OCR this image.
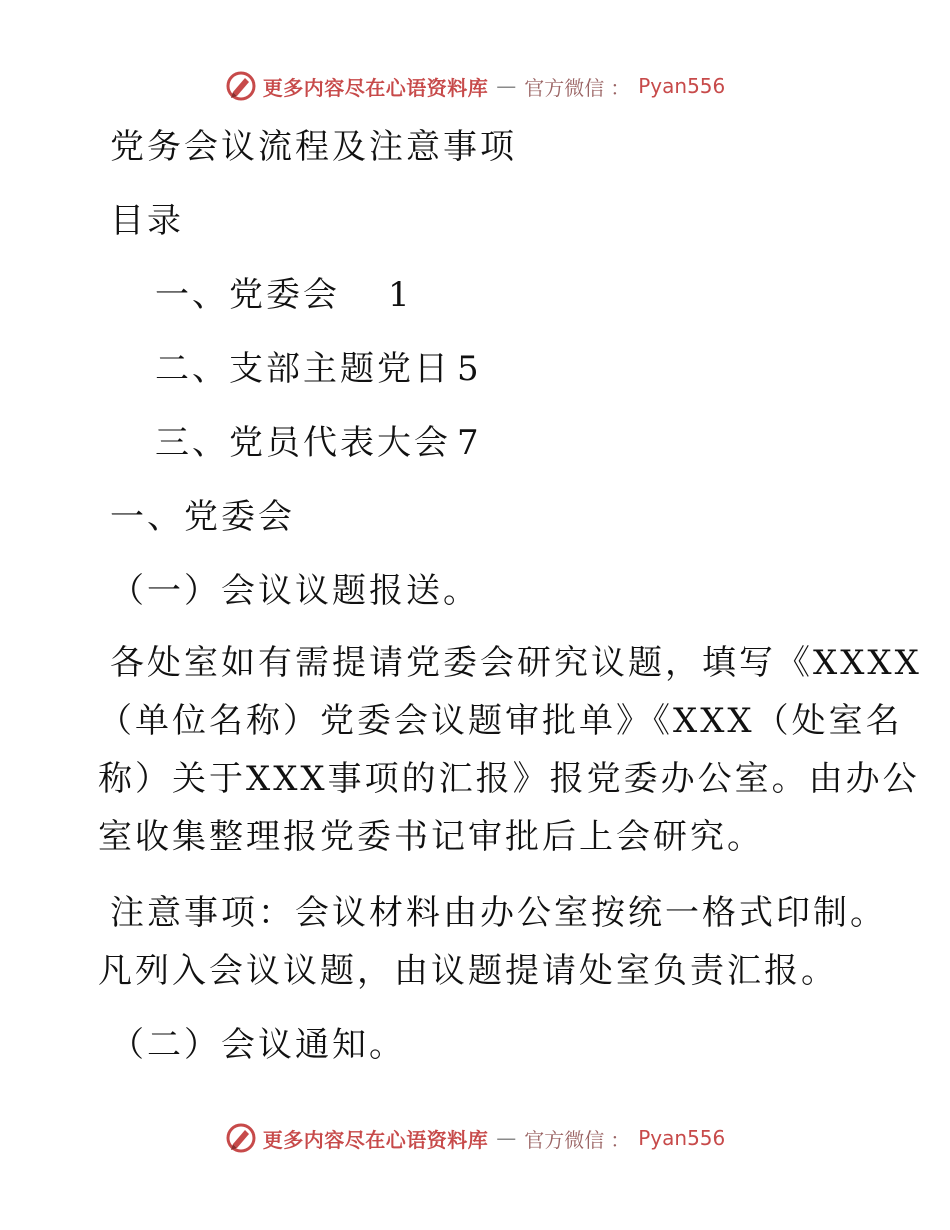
更多内容尽在心语资料库 — 官方微信 ： Pyan556
党务会议流程及注意事项
目录
一、党委会 1
二、支部主题党日 5
三、党员代表大会 7
一、党委会
（一）会议议题报送。
各处室如有需提请党委会研究议题，填写《XXXX
（单位名称）党委会议题审批单》《XXX（处室名
称）关于XXX事项的汇报》报党委办公室。由办公
室收集整理报党委书记审批后上会研究。
注意事项：会议材料由办公室按统一格式印制。
凡列入会议议题，由议题提请处室负责汇报。
（二）会议通知。
更多内容尽在心语资料库 — 官方微信 ： Pyan556
